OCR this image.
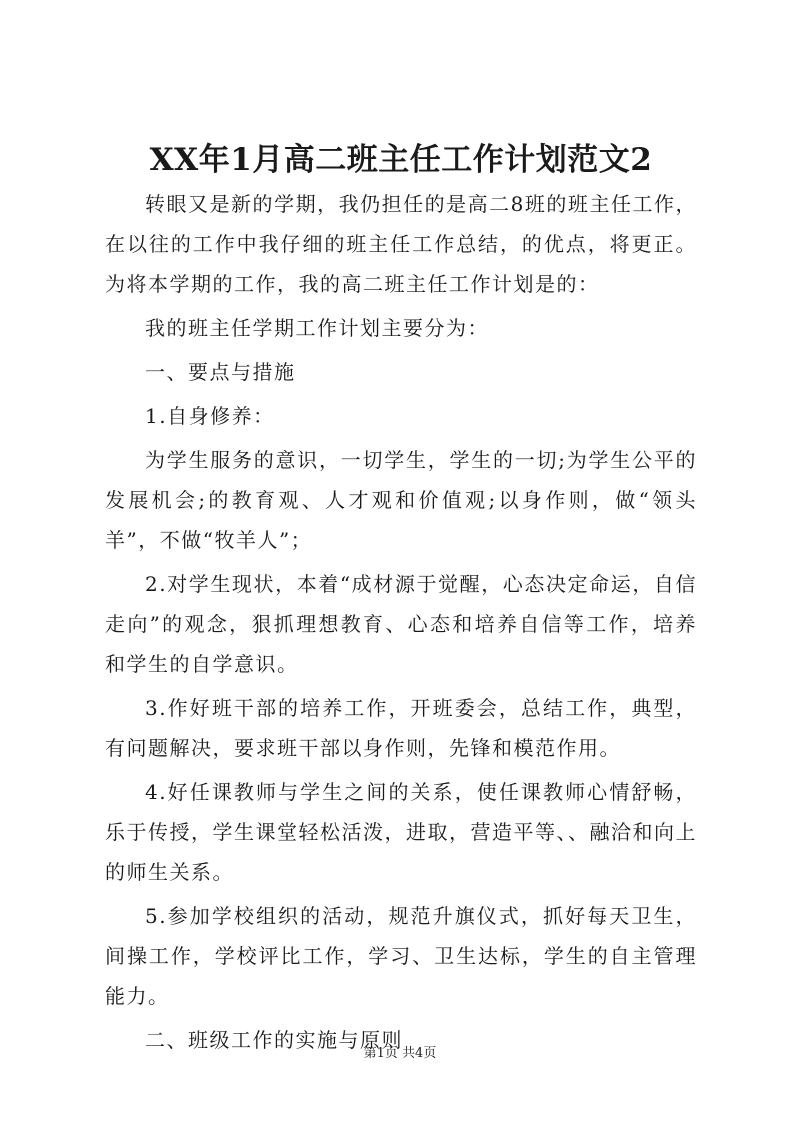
XX年1月高二班主任工作计划范文2

转眼又是新的学期，我仍担任的是高二8班的班主任工作，在以往的工作中我仔细的班主任工作总结，的优点，将更正。为将本学期的工作，我的高二班主任工作计划是的：

我的班主任学期工作计划主要分为：

一、要点与措施

1.自身修养：

为学生服务的意识，一切学生，学生的一切;为学生公平的发展机会;的教育观、人才观和价值观;以身作则，做“领头羊”，不做“牧羊人”；

2.对学生现状，本着“成材源于觉醒，心态决定命运，自信走向”的观念，狠抓理想教育、心态和培养自信等工作，培养和学生的自学意识。

3.作好班干部的培养工作，开班委会，总结工作，典型，有问题解决，要求班干部以身作则，先锋和模范作用。

4.好任课教师与学生之间的关系，使任课教师心情舒畅，乐于传授，学生课堂轻松活泼，进取，营造平等、、融洽和向上的师生关系。

5.参加学校组织的活动，规范升旗仪式，抓好每天卫生，间操工作，学校评比工作，学习、卫生达标，学生的自主管理能力。

二、班级工作的实施与原则

第1页 共4页
